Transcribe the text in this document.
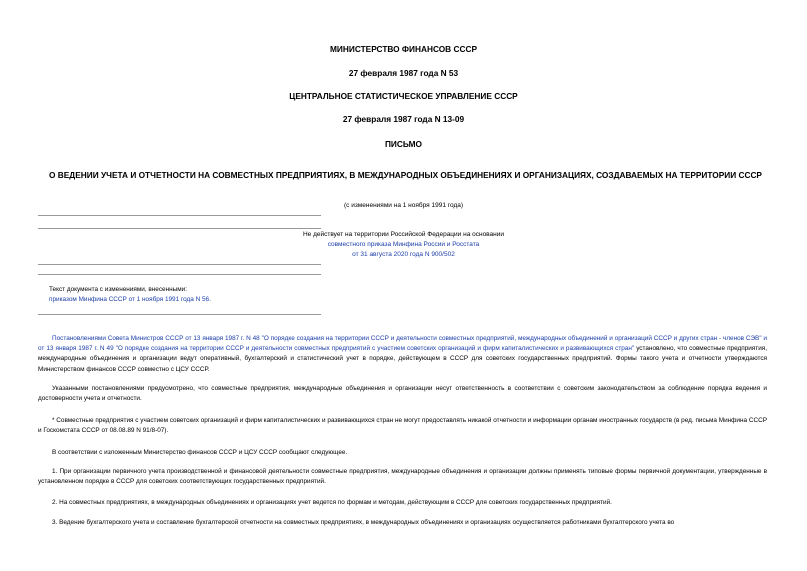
МИНИСТЕРСТВО ФИНАНСОВ СССР
27 февраля 1987 года N 53
ЦЕНТРАЛЬНОЕ СТАТИСТИЧЕСКОЕ УПРАВЛЕНИЕ СССР
27 февраля 1987 года N 13-09
ПИСЬМО
О ВЕДЕНИИ УЧЕТА И ОТЧЕТНОСТИ НА СОВМЕСТНЫХ ПРЕДПРИЯТИЯХ, В МЕЖДУНАРОДНЫХ ОБЪЕДИНЕНИЯХ И ОРГАНИЗАЦИЯХ, СОЗДАВАЕМЫХ НА ТЕРРИТОРИИ СССР
(с изменениями на 1 ноября 1991 года)
Не действует на территории Российской Федерации на основании
совместного приказа Минфина России и Росстата
от 31 августа 2020 года N 900/502
Текст документа с изменениями, внесенными:
приказом Минфина СССР от 1 ноября 1991 года N 56.
Постановлениями Совета Министров СССР от 13 января 1987 г. N 48 "О порядке создания на территории СССР и деятельности совместных предприятий, международных объединений и организаций СССР и других стран - членов СЭВ" и от 13 января 1987 г. N 49 "О порядке создания на территории СССР и деятельности совместных предприятий с участием советских организаций и фирм капиталистических и развивающихся стран" установлено, что совместные предприятия, международные объединения и организации ведут оперативный, бухгалтерский и статистический учет в порядке, действующем в СССР для советских государственных предприятий. Формы такого учета и отчетности утверждаются Министерством финансов СССР совместно с ЦСУ СССР.
Указанными постановлениями предусмотрено, что совместные предприятия, международные объединения и организации несут ответственность в соответствии с советским законодательством за соблюдение порядка ведения и достоверности учета и отчетности.
* Совместные предприятия с участием советских организаций и фирм капиталистических и развивающихся стран не могут предоставлять никакой отчетности и информации органам иностранных государств (в ред. письма Минфина СССР и Госкомстата СССР от 08.08.89 N 91/8-07).
В соответствии с изложенным Министерство финансов СССР и ЦСУ СССР сообщают следующее.
1. При организации первичного учета производственной и финансовой деятельности совместные предприятия, международные объединения и организации должны применять типовые формы первичной документации, утвержденные в установленном порядке в СССР для советских соответствующих государственных предприятий.
2. На совместных предприятиях, в международных объединениях и организациях учет ведется по формам и методам, действующим в СССР для советских государственных предприятий.
3. Ведение бухгалтерского учета и составление бухгалтерской отчетности на совместных предприятиях, в международных объединениях и организациях осуществляется работниками бухгалтерского учета во
